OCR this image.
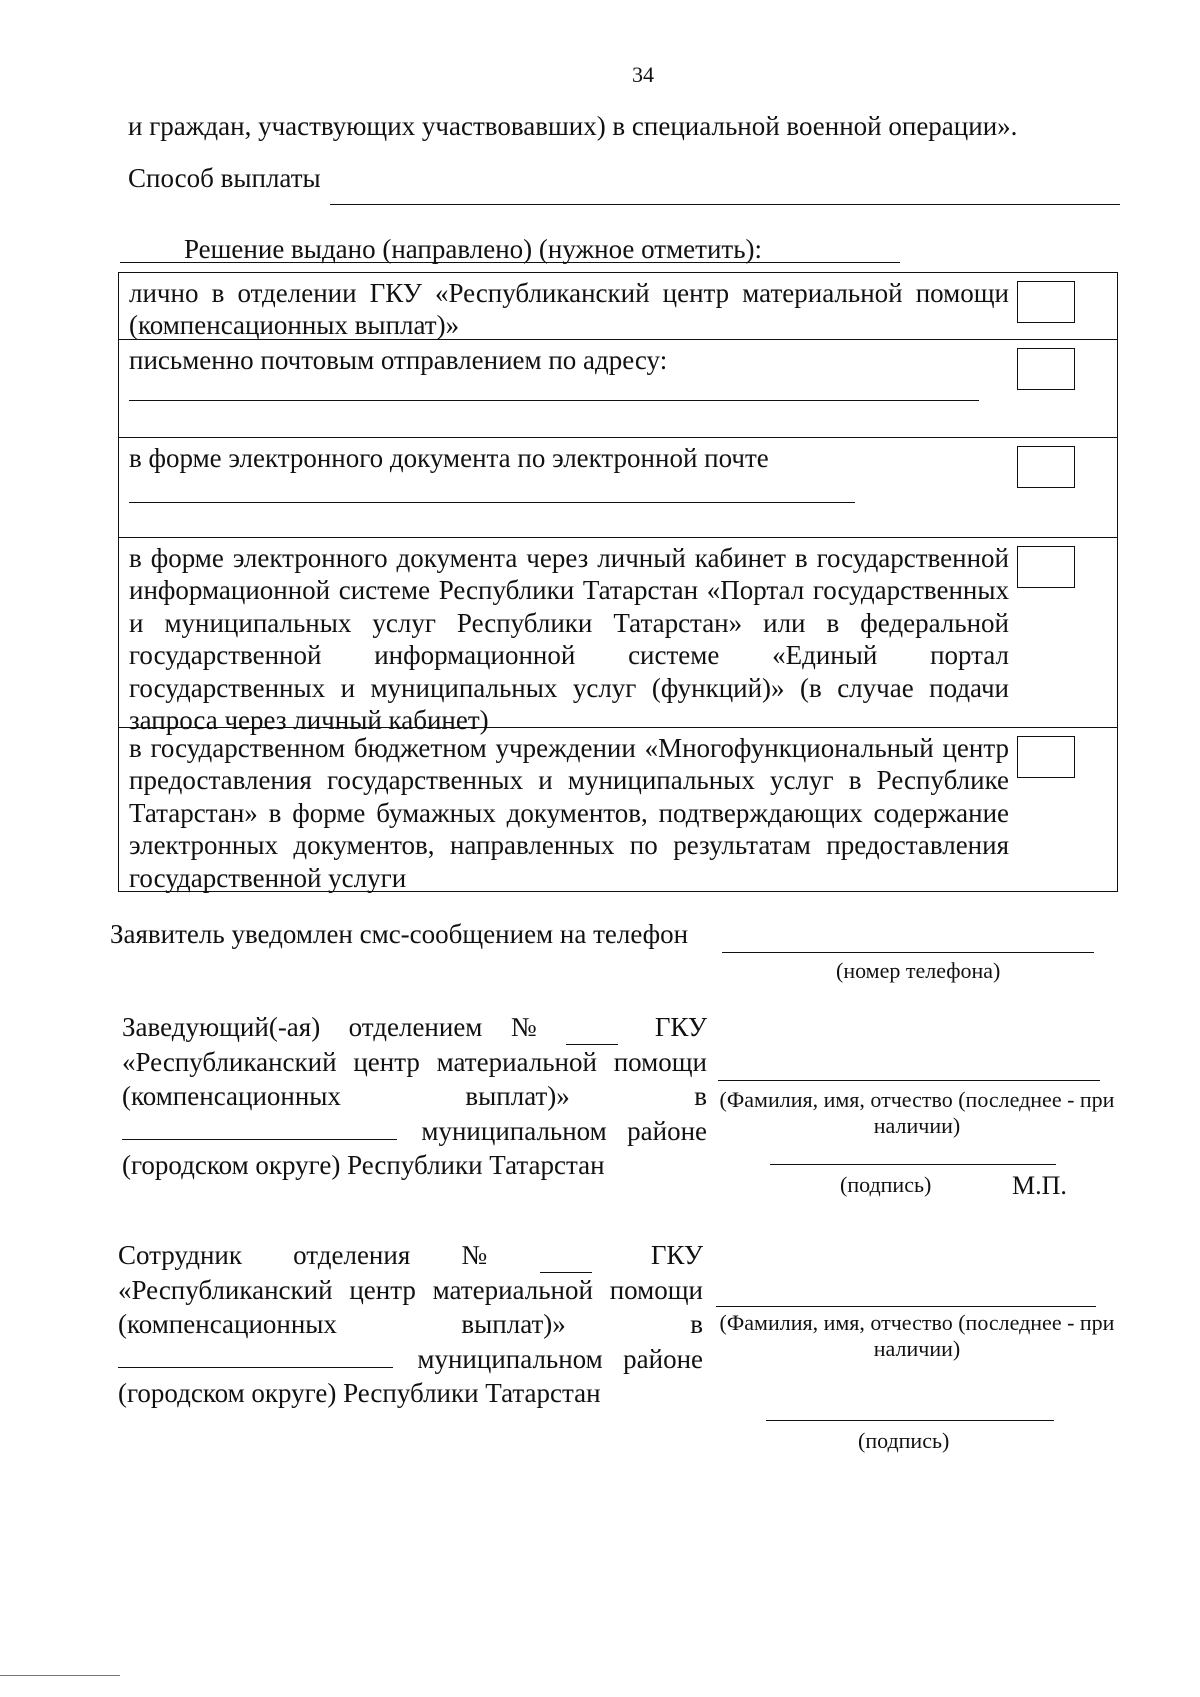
34
и граждан, участвующих участвовавших) в специальной военной операции».
Способ выплаты
Решение выдано (направлено) (нужное отметить):
лично в отделении ГКУ «Республиканский центр материальной помощи (компенсационных выплат)»
письменно почтовым отправлением по адресу:
в форме электронного документа по электронной почте
в форме электронного документа через личный кабинет в государственной информационной системе Республики Татарстан «Портал государственных и муниципальных услуг Республики Татарстан» или в федеральной государственной информационной системе «Единый портал государственных и муниципальных услуг (функций)» (в случае подачи запроса через личный кабинет)
в государственном бюджетном учреждении «Многофункциональный центр предоставления государственных и муниципальных услуг в Республике Татарстан» в форме бумажных документов, подтверждающих содержание электронных документов, направленных по результатам предоставления государственной услуги
Заявитель уведомлен смс-сообщением на телефон
(номер телефона)
Заведующий(-ая) отделением №	ГКУ «Республиканский центр материальной помощи (компенсационных выплат)» в  муниципальном районе (городском округе) Республики Татарстан
(Фамилия, имя, отчество (последнее - при наличии)
(подпись)	М.П.
Сотрудник отделения №	ГКУ «Республиканский центр материальной помощи (компенсационных выплат)» в  муниципальном районе (городском округе) Республики Татарстан
(Фамилия, имя, отчество (последнее - при наличии)
(подпись)
